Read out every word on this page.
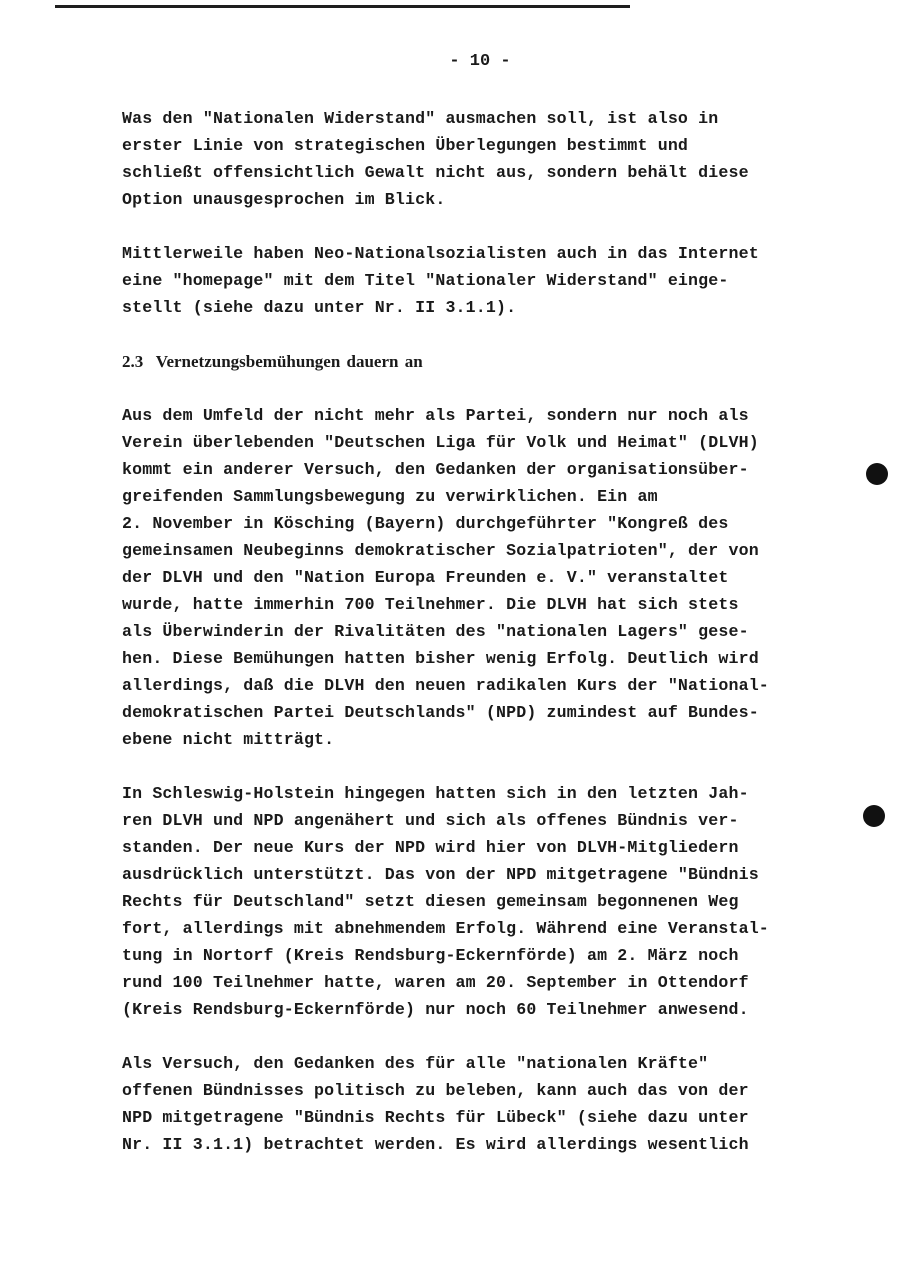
- 10 -

Was den "Nationalen Widerstand" ausmachen soll, ist also in
erster Linie von strategischen Überlegungen bestimmt und
schließt offensichtlich Gewalt nicht aus, sondern behält diese
Option unausgesprochen im Blick.

Mittlerweile haben Neo-Nationalsozialisten auch in das Internet
eine "homepage" mit dem Titel "Nationaler Widerstand" einge-
stellt (siehe dazu unter Nr. II 3.1.1).

2.3 Vernetzungsbemühungen dauern an

Aus dem Umfeld der nicht mehr als Partei, sondern nur noch als
Verein überlebenden "Deutschen Liga für Volk und Heimat" (DLVH)
kommt ein anderer Versuch, den Gedanken der organisationsüber-
greifenden Sammlungsbewegung zu verwirklichen. Ein am
2. November in Kösching (Bayern) durchgeführter "Kongreß des
gemeinsamen Neubeginns demokratischer Sozialpatrioten", der von
der DLVH und den "Nation Europa Freunden e. V." veranstaltet
wurde, hatte immerhin 700 Teilnehmer. Die DLVH hat sich stets
als Überwinderin der Rivalitäten des "nationalen Lagers" gese-
hen. Diese Bemühungen hatten bisher wenig Erfolg. Deutlich wird
allerdings, daß die DLVH den neuen radikalen Kurs der "National-
demokratischen Partei Deutschlands" (NPD) zumindest auf Bundes-
ebene nicht mitträgt.

In Schleswig-Holstein hingegen hatten sich in den letzten Jah-
ren DLVH und NPD angenähert und sich als offenes Bündnis ver-
standen. Der neue Kurs der NPD wird hier von DLVH-Mitgliedern
ausdrücklich unterstützt. Das von der NPD mitgetragene "Bündnis
Rechts für Deutschland" setzt diesen gemeinsam begonnenen Weg
fort, allerdings mit abnehmendem Erfolg. Während eine Veranstal-
tung in Nortorf (Kreis Rendsburg-Eckernförde) am 2. März noch
rund 100 Teilnehmer hatte, waren am 20. September in Ottendorf
(Kreis Rendsburg-Eckernförde) nur noch 60 Teilnehmer anwesend.

Als Versuch, den Gedanken des für alle "nationalen Kräfte"
offenen Bündnisses politisch zu beleben, kann auch das von der
NPD mitgetragene "Bündnis Rechts für Lübeck" (siehe dazu unter
Nr. II 3.1.1) betrachtet werden. Es wird allerdings wesentlich
